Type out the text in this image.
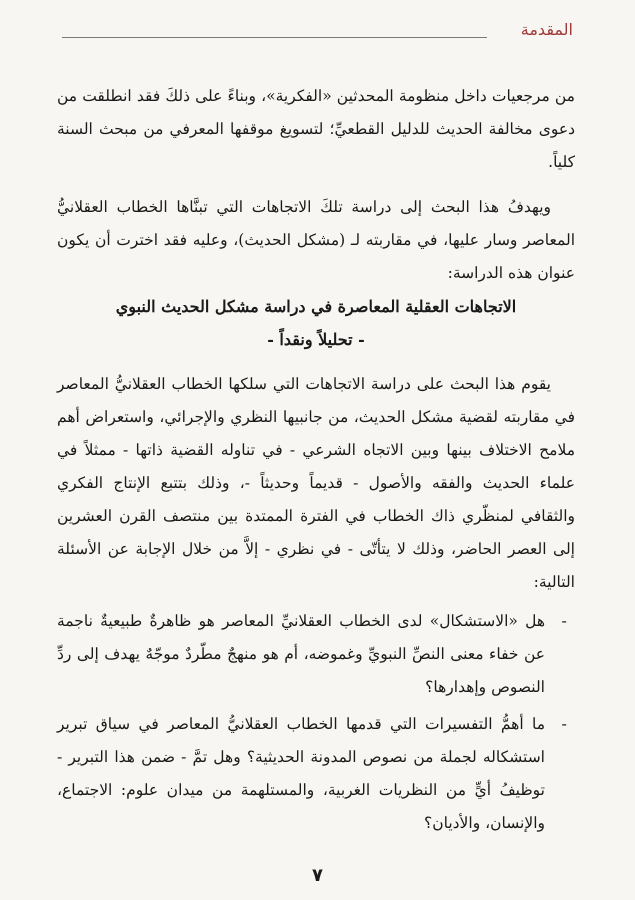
المقدمة

من مرجعيات داخل منظومة المحدثين «الفكرية»، وبناءً على ذلكَ فقد انطلقت من دعوى مخالفة الحديث للدليل القطعيِّ؛ لتسويغ موقفها المعرفي من مبحث السنة كلياً.

ويهدفُ هذا البحث إلى دراسة تلكَ الاتجاهات التي تبنَّاها الخطاب العقلانيُّ المعاصر وسار عليها، في مقاربته لـ (مشكل الحديث)، وعليه فقد اخترت أن يكون عنوان هذه الدراسة:

الاتجاهات العقلية المعاصرة في دراسة مشكل الحديث النبوي

- تحليلاً ونقداً -

يقوم هذا البحث على دراسة الاتجاهات التي سلكها الخطاب العقلانيُّ المعاصر في مقاربته لقضية مشكل الحديث، من جانبيها النظري والإجرائي، واستعراض أهم ملامح الاختلاف بينها وبين الاتجاه الشرعي - في تناوله القضية ذاتها - ممثلاً في علماء الحديث والفقه والأصول - قديماً وحديثاً -، وذلك بتتبع الإنتاج الفكري والثقافي لمنظّري ذاك الخطاب في الفترة الممتدة بين منتصف القرن العشرين إلى العصر الحاضر، وذلك لا يتأتّى - في نظري - إلاَّ من خلال الإجابة عن الأسئلة التالية:

-
هل «الاستشكال» لدى الخطاب العقلانيِّ المعاصر هو ظاهرةٌ طبيعيةٌ ناجمة عن خفاء معنى النصِّ النبويِّ وغموضه، أم هو منهجٌ مطّردٌ موجّهٌ يهدف إلى ردِّ النصوص وإهدارها؟
-
ما أهمُّ التفسيرات التي قدمها الخطاب العقلانيُّ المعاصر في سياق تبرير استشكاله لجملة من نصوص المدونة الحديثية؟ وهل تمَّ - ضمن هذا التبرير - توظيفُ أيٍّ من النظريات الغربية، والمستلهمة من ميدان علوم: الاجتماع، والإنسان، والأديان؟
٧
